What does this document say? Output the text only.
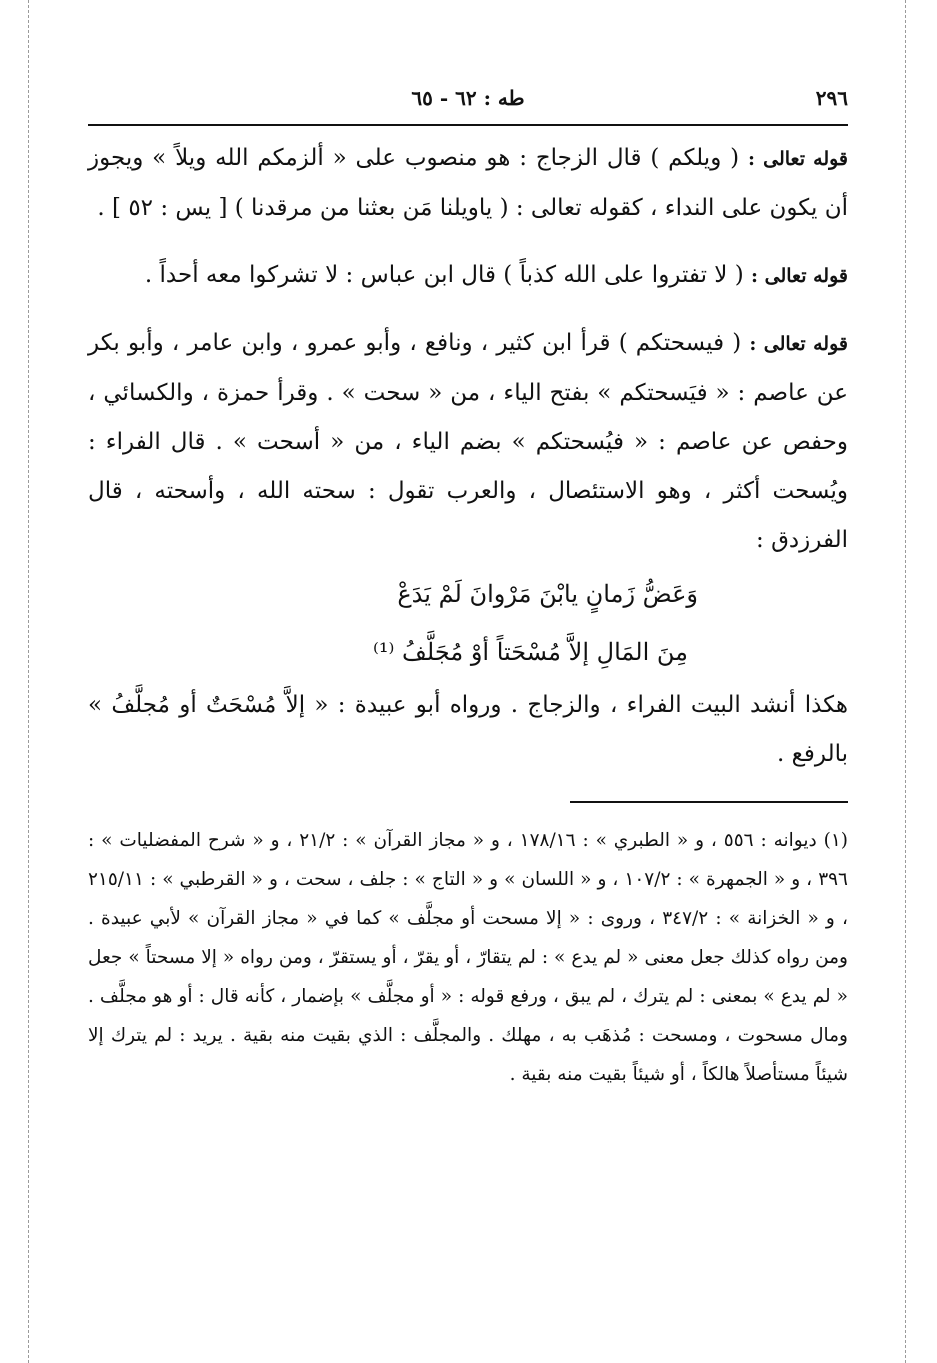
٢٩٦
طه : ٦٢ - ٦٥

قوله تعالى : ( ويلكم ) قال الزجاج : هو منصوب على « ألزمكم الله ويلاً » ويجوز أن يكون على النداء ، كقوله تعالى : ( ياويلنا مَن بعثنا من مرقدنا ) [ يس : ٥٢ ] .

قوله تعالى : ( لا تفتروا على الله كذباً ) قال ابن عباس : لا تشركوا معه أحداً .

قوله تعالى : ( فيسحتكم ) قرأ ابن كثير ، ونافع ، وأبو عمرو ، وابن عامر ، وأبو بكر عن عاصم : « فيَسحتكم » بفتح الياء ، من « سحت » . وقرأ حمزة ، والكسائي ، وحفص عن عاصم : « فيُسحتكم » بضم الياء ، من « أسحت » . قال الفراء : ويُسحت أكثر ، وهو الاستئصال ، والعرب تقول : سحته الله ، وأسحته ، قال الفرزدق :

وَعَضُّ زَمانٍ يابْنَ مَرْوانَ لَمْ يَدَعْ
مِنَ المَالِ إلاَّ مُسْحَتاً أوْ مُجَلَّفُ ⁽¹⁾

هكذا أنشد البيت الفراء ، والزجاج . ورواه أبو عبيدة : « إلاَّ مُسْحَتٌ أو مُجلَّفُ » بالرفع .

(١) ديوانه : ٥٥٦ ، و « الطبري » : ١٧٨/١٦ ، و « مجاز القرآن » : ٢١/٢ ، و « شرح المفضليات » : ٣٩٦ ، و « الجمهرة » : ١٠٧/٢ ، و « اللسان » و « التاج » : جلف ، سحت ، و « القرطبي » : ٢١٥/١١ ، و « الخزانة » : ٣٤٧/٢ ، وروى : « إلا مسحت أو مجلَّف » كما في « مجاز القرآن » لأبي عبيدة . ومن رواه كذلك جعل معنى « لم يدع » : لم يتقارّ ، أو يقرّ ، أو يستقرّ ، ومن رواه « إلا مسحتاً » جعل « لم يدع » بمعنى : لم يترك ، لم يبق ، ورفع قوله : « أو مجلَّف » بإضمار ، كأنه قال : أو هو مجلَّف . ومال مسحوت ، ومسحت : مُذهَب به ، مهلك . والمجلَّف : الذي بقيت منه بقية . يريد : لم يترك إلا شيئاً مستأصلاً هالكاً ، أو شيئاً بقيت منه بقية .
